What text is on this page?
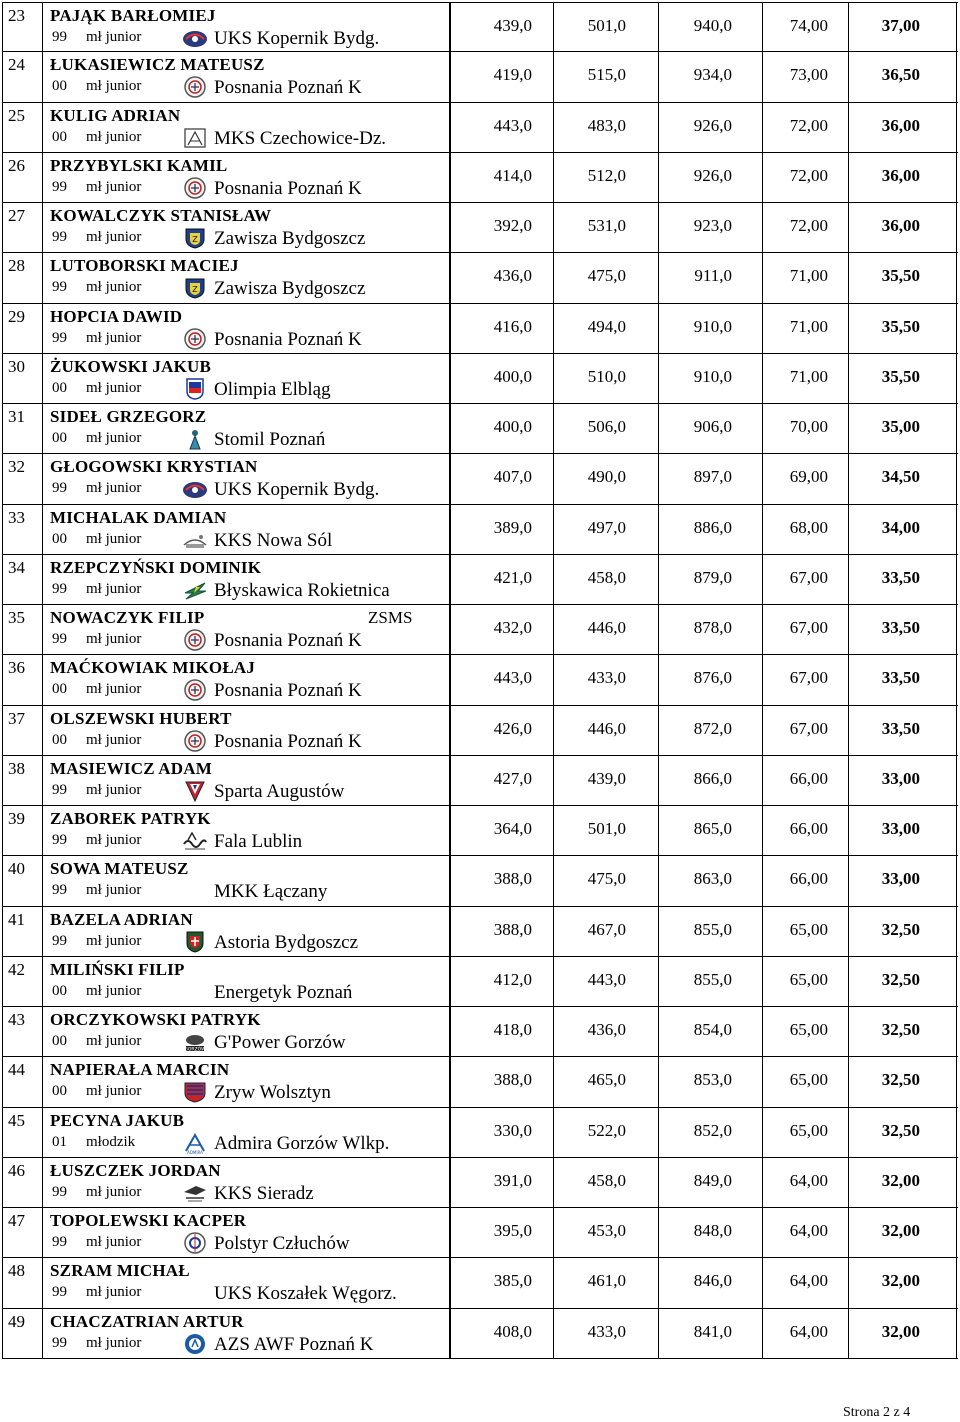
23	PAJĄK BARŁOMIEJ
99 mł junior	UKS Kopernik Bydg.
439,0	501,0	940,0	74,00	37,00
24	ŁUKASIEWICZ MATEUSZ
00 mł junior	Posnania Poznań K
419,0	515,0	934,0	73,00	36,50
25	KULIG ADRIAN
00 mł junior	MKS Czechowice-Dz.
443,0	483,0	926,0	72,00	36,00
26	PRZYBYLSKI KAMIL
99 mł junior	Posnania Poznań K
414,0	512,0	926,0	72,00	36,00
27	KOWALCZYK STANISŁAW
99 mł junior	Z Zawisza Bydgoszcz
392,0	531,0	923,0	72,00	36,00
28	LUTOBORSKI MACIEJ
99 mł junior	Z Zawisza Bydgoszcz
436,0	475,0	911,0	71,00	35,50
29	HOPCIA DAWID
99 mł junior	Posnania Poznań K
416,0	494,0	910,0	71,00	35,50
30	ŻUKOWSKI JAKUB
00 mł junior	Olimpia Elbląg
400,0	510,0	910,0	71,00	35,50
31	SIDEŁ GRZEGORZ
00 mł junior	Stomil Poznań
400,0	506,0	906,0	70,00	35,00
32	GŁOGOWSKI KRYSTIAN
99 mł junior	UKS Kopernik Bydg.
407,0	490,0	897,0	69,00	34,50
33	MICHALAK DAMIAN
00 mł junior	KKS Nowa Sól
389,0	497,0	886,0	68,00	34,00
34	RZEPCZYŃSKI DOMINIK
99 mł junior	Błyskawica Rokietnica
421,0	458,0	879,0	67,00	33,50
35	NOWACZYK FILIP	ZSMS
99 mł junior	Posnania Poznań K
432,0	446,0	878,0	67,00	33,50
36	MAĆKOWIAK MIKOŁAJ
00 mł junior	Posnania Poznań K
443,0	433,0	876,0	67,00	33,50
37	OLSZEWSKI HUBERT
00 mł junior	Posnania Poznań K
426,0	446,0	872,0	67,00	33,50
38	MASIEWICZ ADAM
99 mł junior	Sparta Augustów
427,0	439,0	866,0	66,00	33,00
39	ZABOREK PATRYK
99 mł junior	Fala Lublin
364,0	501,0	865,0	66,00	33,00
40	SOWA MATEUSZ
99 mł junior	MKK Łączany
388,0	475,0	863,0	66,00	33,00
41	BAZELA ADRIAN
99 mł junior	Astoria Bydgoszcz
388,0	467,0	855,0	65,00	32,50
42	MILIŃSKI FILIP
00 mł junior	Energetyk Poznań
412,0	443,0	855,0	65,00	32,50
43	ORCZYKOWSKI PATRYK
00 mł junior
GORZÓW G'Power Gorzów
418,0	436,0	854,0	65,00	32,50
44	NAPIERAŁA MARCIN
00 mł junior	Zryw Wolsztyn
388,0	465,0	853,0	65,00	32,50
45	PECYNA JAKUB
01 młodzik
ADMIRA Admira Gorzów Wlkp.
330,0	522,0	852,0	65,00	32,50
46	ŁUSZCZEK JORDAN
99 mł junior	KKS Sieradz
391,0	458,0	849,0	64,00	32,00
47	TOPOLEWSKI KACPER
99 mł junior	Polstyr Człuchów
395,0	453,0	848,0	64,00	32,00
48	SZRAM MICHAŁ
99 mł junior	UKS Koszałek Węgorz.
385,0	461,0	846,0	64,00	32,00
49	CHACZATRIAN ARTUR
99 mł junior	AZS AWF Poznań K
408,0	433,0	841,0	64,00	32,00
Strona 2 z 4
